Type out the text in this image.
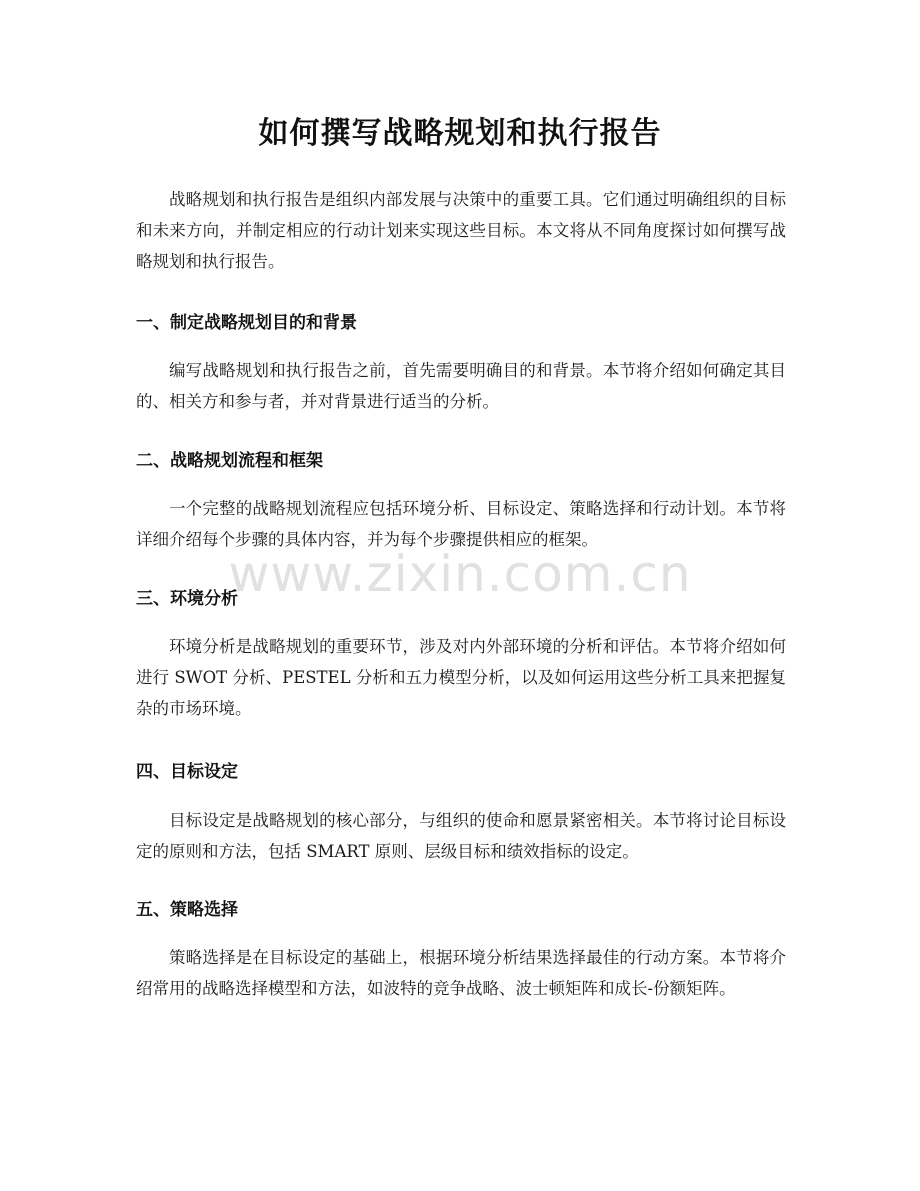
如何撰写战略规划和执行报告
战略规划和执行报告是组织内部发展与决策中的重要工具。它们通过明确组织的目标和未来方向，并制定相应的行动计划来实现这些目标。本文将从不同角度探讨如何撰写战略规划和执行报告。
一、制定战略规划目的和背景
编写战略规划和执行报告之前，首先需要明确目的和背景。本节将介绍如何确定其目的、相关方和参与者，并对背景进行适当的分析。
二、战略规划流程和框架
一个完整的战略规划流程应包括环境分析、目标设定、策略选择和行动计划。本节将详细介绍每个步骤的具体内容，并为每个步骤提供相应的框架。
三、环境分析
环境分析是战略规划的重要环节，涉及对内外部环境的分析和评估。本节将介绍如何进行 SWOT 分析、PESTEL 分析和五力模型分析，以及如何运用这些分析工具来把握复杂的市场环境。
四、目标设定
目标设定是战略规划的核心部分，与组织的使命和愿景紧密相关。本节将讨论目标设定的原则和方法，包括 SMART 原则、层级目标和绩效指标的设定。
五、策略选择
策略选择是在目标设定的基础上，根据环境分析结果选择最佳的行动方案。本节将介绍常用的战略选择模型和方法，如波特的竞争战略、波士顿矩阵和成长-份额矩阵。
www.zixin.com.cn
